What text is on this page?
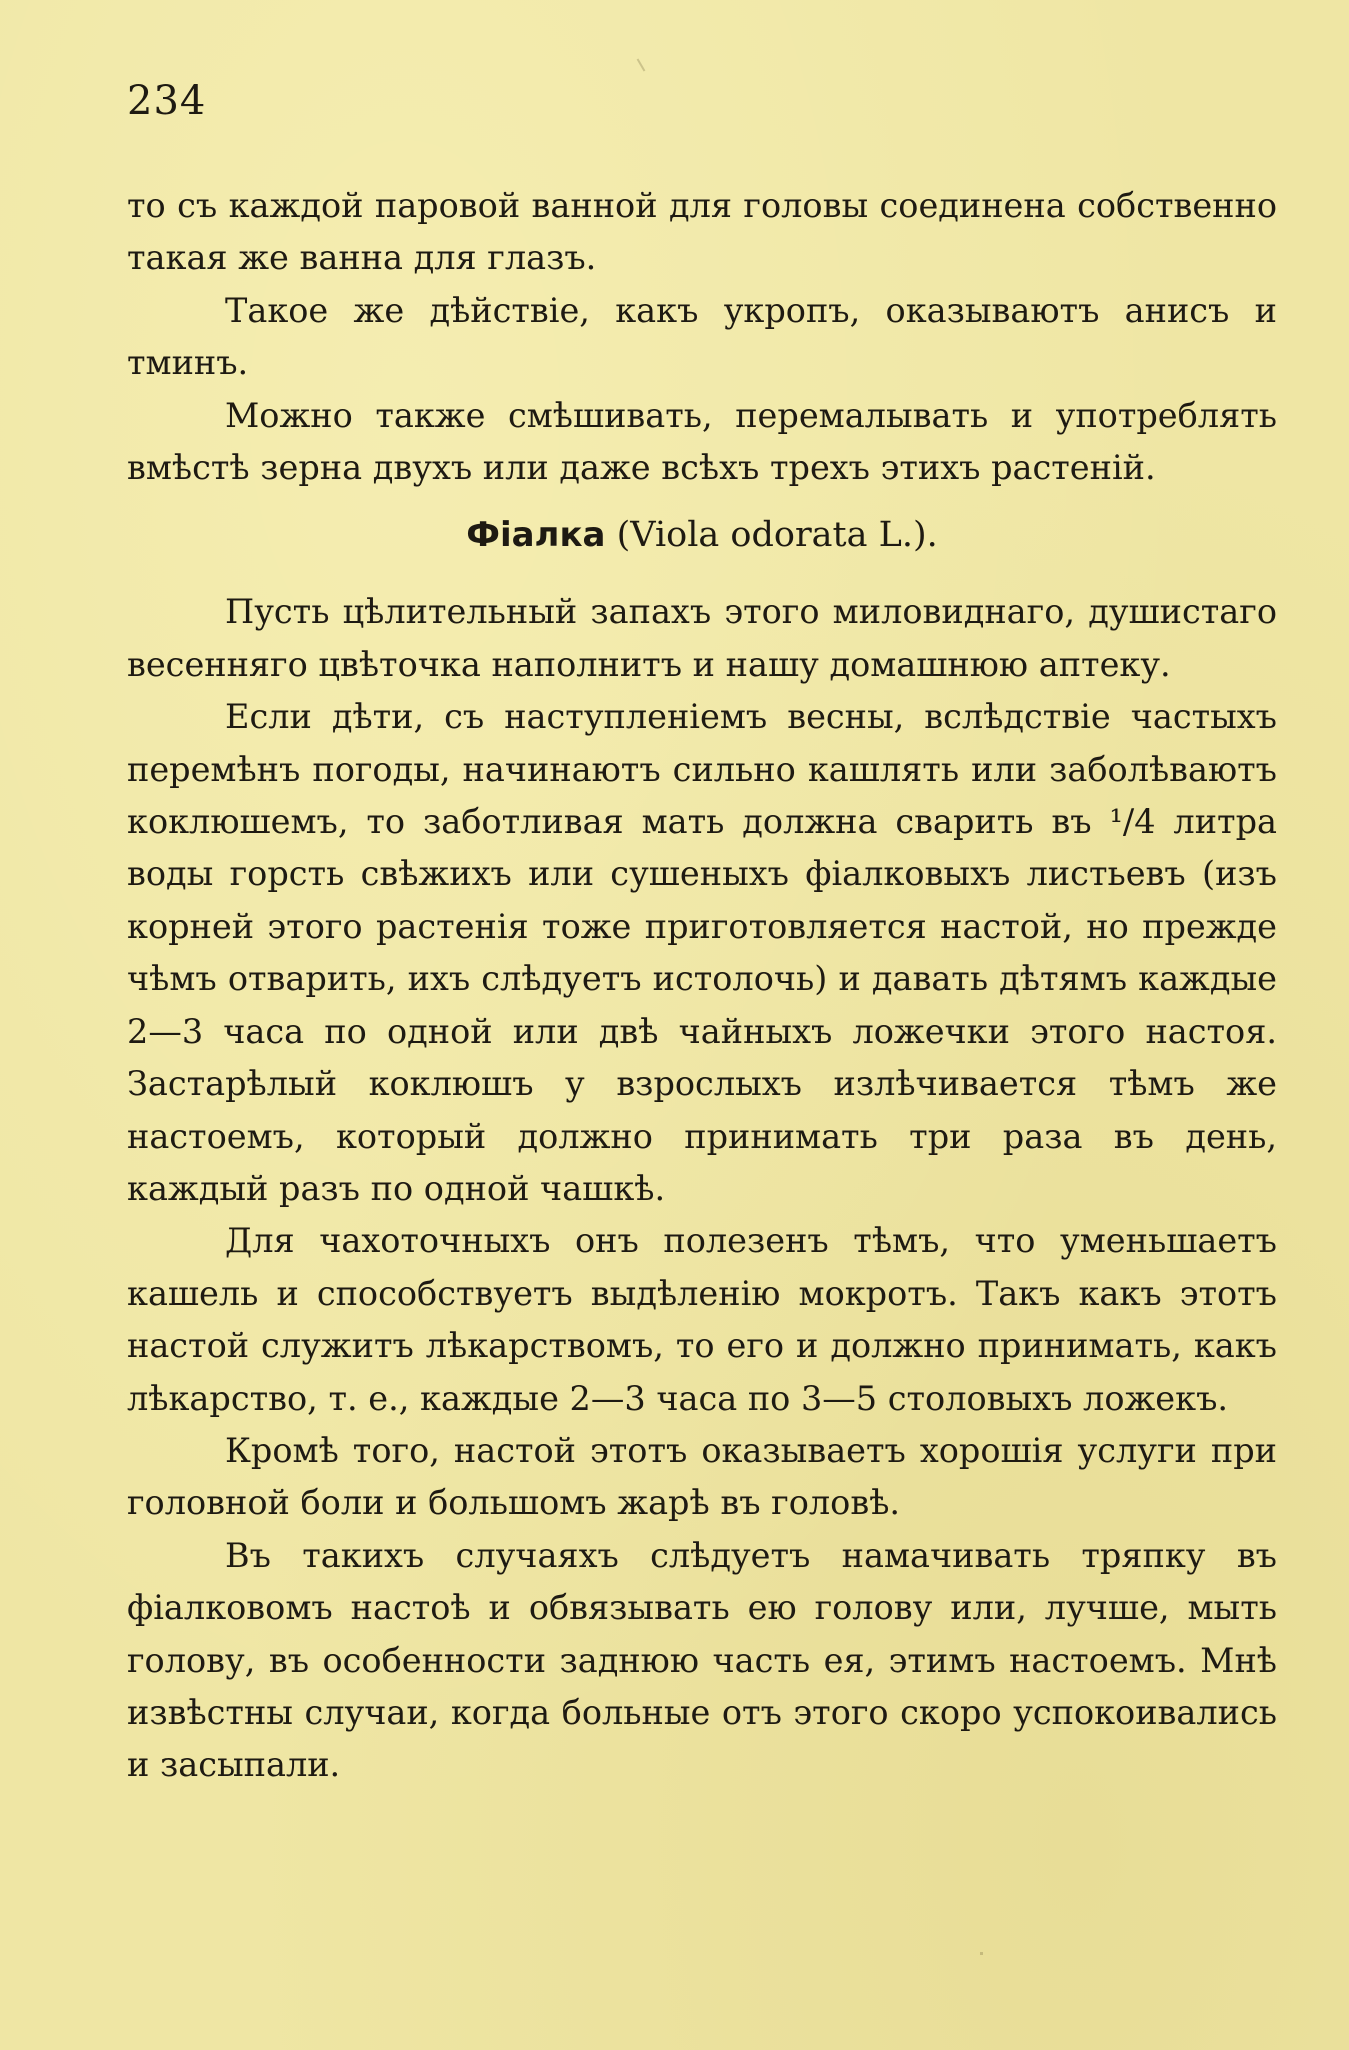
234

то съ каждой паровой ванной для головы соединена собственно такая же ванна для глазъ.

Такое же дѣйствіе, какъ укропъ, оказываютъ анисъ и тминъ.

Можно также смѣшивать, перемалывать и употреблять вмѣстѣ зерна двухъ или даже всѣхъ трехъ этихъ растеній.

Фіалка (Viola odorata L.).

Пусть цѣлительный запахъ этого миловиднаго, душистаго весенняго цвѣточка наполнитъ и нашу домашнюю аптеку.

Если дѣти, съ наступленіемъ весны, вслѣдствіе частыхъ перемѣнъ погоды, начинаютъ сильно кашлять или заболѣваютъ коклюшемъ, то заботливая мать должна сварить въ ¹/4 литра воды горсть свѣжихъ или сушеныхъ фіалковыхъ листьевъ (изъ корней этого растенія тоже приготовляется настой, но прежде чѣмъ отварить, ихъ слѣдуетъ истолочь) и давать дѣтямъ каждые 2—3 часа по одной или двѣ чайныхъ ложечки этого настоя. Застарѣлый коклюшъ у взрослыхъ излѣчивается тѣмъ же настоемъ, который должно принимать три раза въ день, каждый разъ по одной чашкѣ.

Для чахоточныхъ онъ полезенъ тѣмъ, что уменьшаетъ кашель и способствуетъ выдѣленію мокротъ. Такъ какъ этотъ настой служитъ лѣкарствомъ, то его и должно принимать, какъ лѣкарство, т. е., каждые 2—3 часа по 3—5 столовыхъ ложекъ.

Кромѣ того, настой этотъ оказываетъ хорошія услуги при головной боли и большомъ жарѣ въ головѣ.

Въ такихъ случаяхъ слѣдуетъ намачивать тряпку въ фіалковомъ настоѣ и обвязывать ею голову или, лучше, мыть голову, въ особенности заднюю часть ея, этимъ настоемъ. Мнѣ извѣстны случаи, когда больные отъ этого скоро успокоивались и засыпали.
